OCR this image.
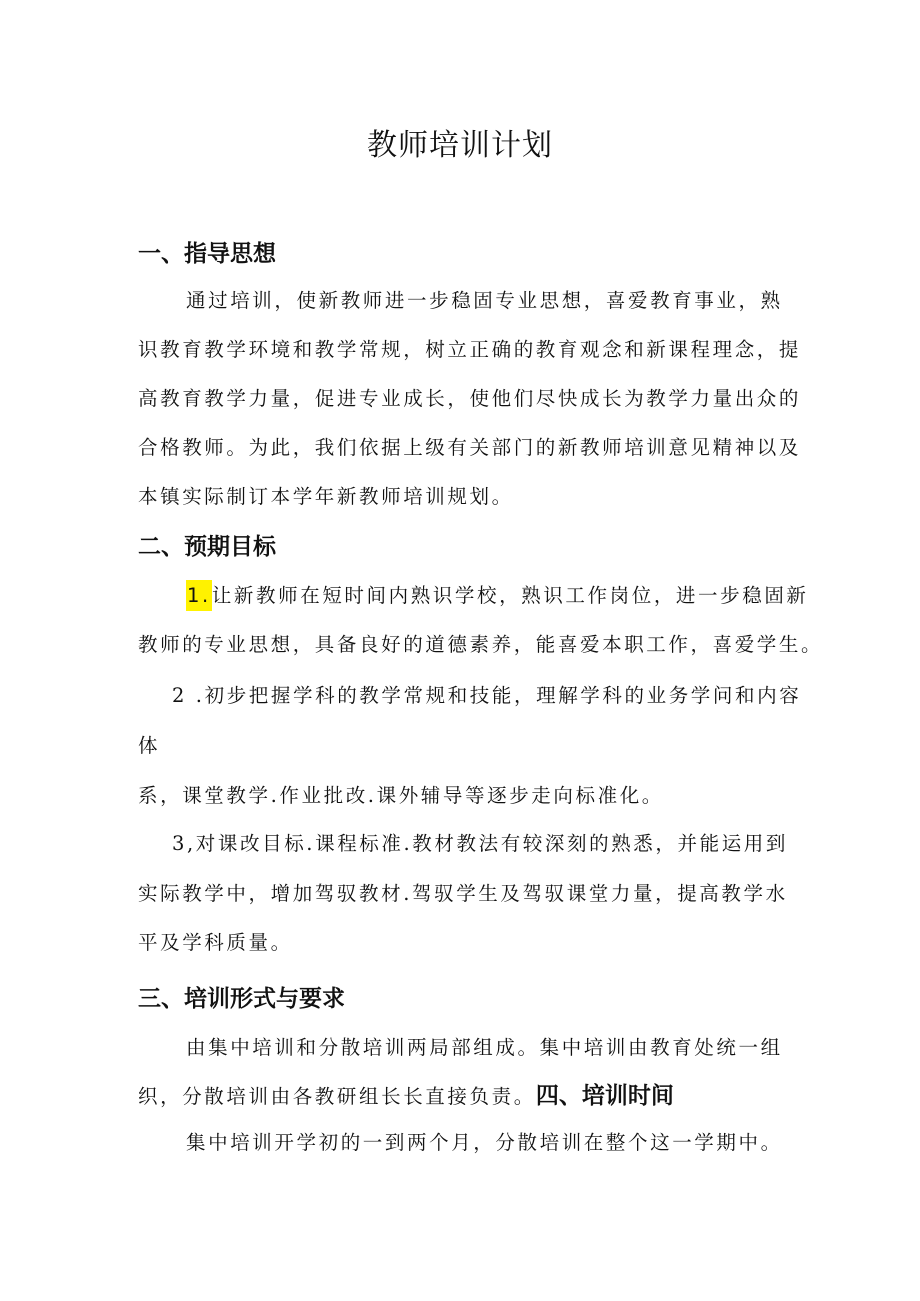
教师培训计划
一、指导思想
通过培训，使新教师进一步稳固专业思想，喜爱教育事业，熟
识教育教学环境和教学常规，树立正确的教育观念和新课程理念，提
高教育教学力量，促进专业成长，使他们尽快成长为教学力量出众的
合格教师。为此，我们依据上级有关部门的新教师培训意见精神以及
本镇实际制订本学年新教师培训规划。
二、预期目标
1.让新教师在短时间内熟识学校，熟识工作岗位，进一步稳固新
教师的专业思想，具备良好的道德素养，能喜爱本职工作，喜爱学生。
2 .初步把握学科的教学常规和技能，理解学科的业务学问和内容
体
系，课堂教学.作业批改.课外辅导等逐步走向标准化。
3,对课改目标.课程标准.教材教法有较深刻的熟悉，并能运用到
实际教学中，增加驾驭教材.驾驭学生及驾驭课堂力量，提高教学水
平及学科质量。
三、培训形式与要求
由集中培训和分散培训两局部组成。集中培训由教育处统一组
织，分散培训由各教研组长长直接负责。四、培训时间
集中培训开学初的一到两个月，分散培训在整个这一学期中。
